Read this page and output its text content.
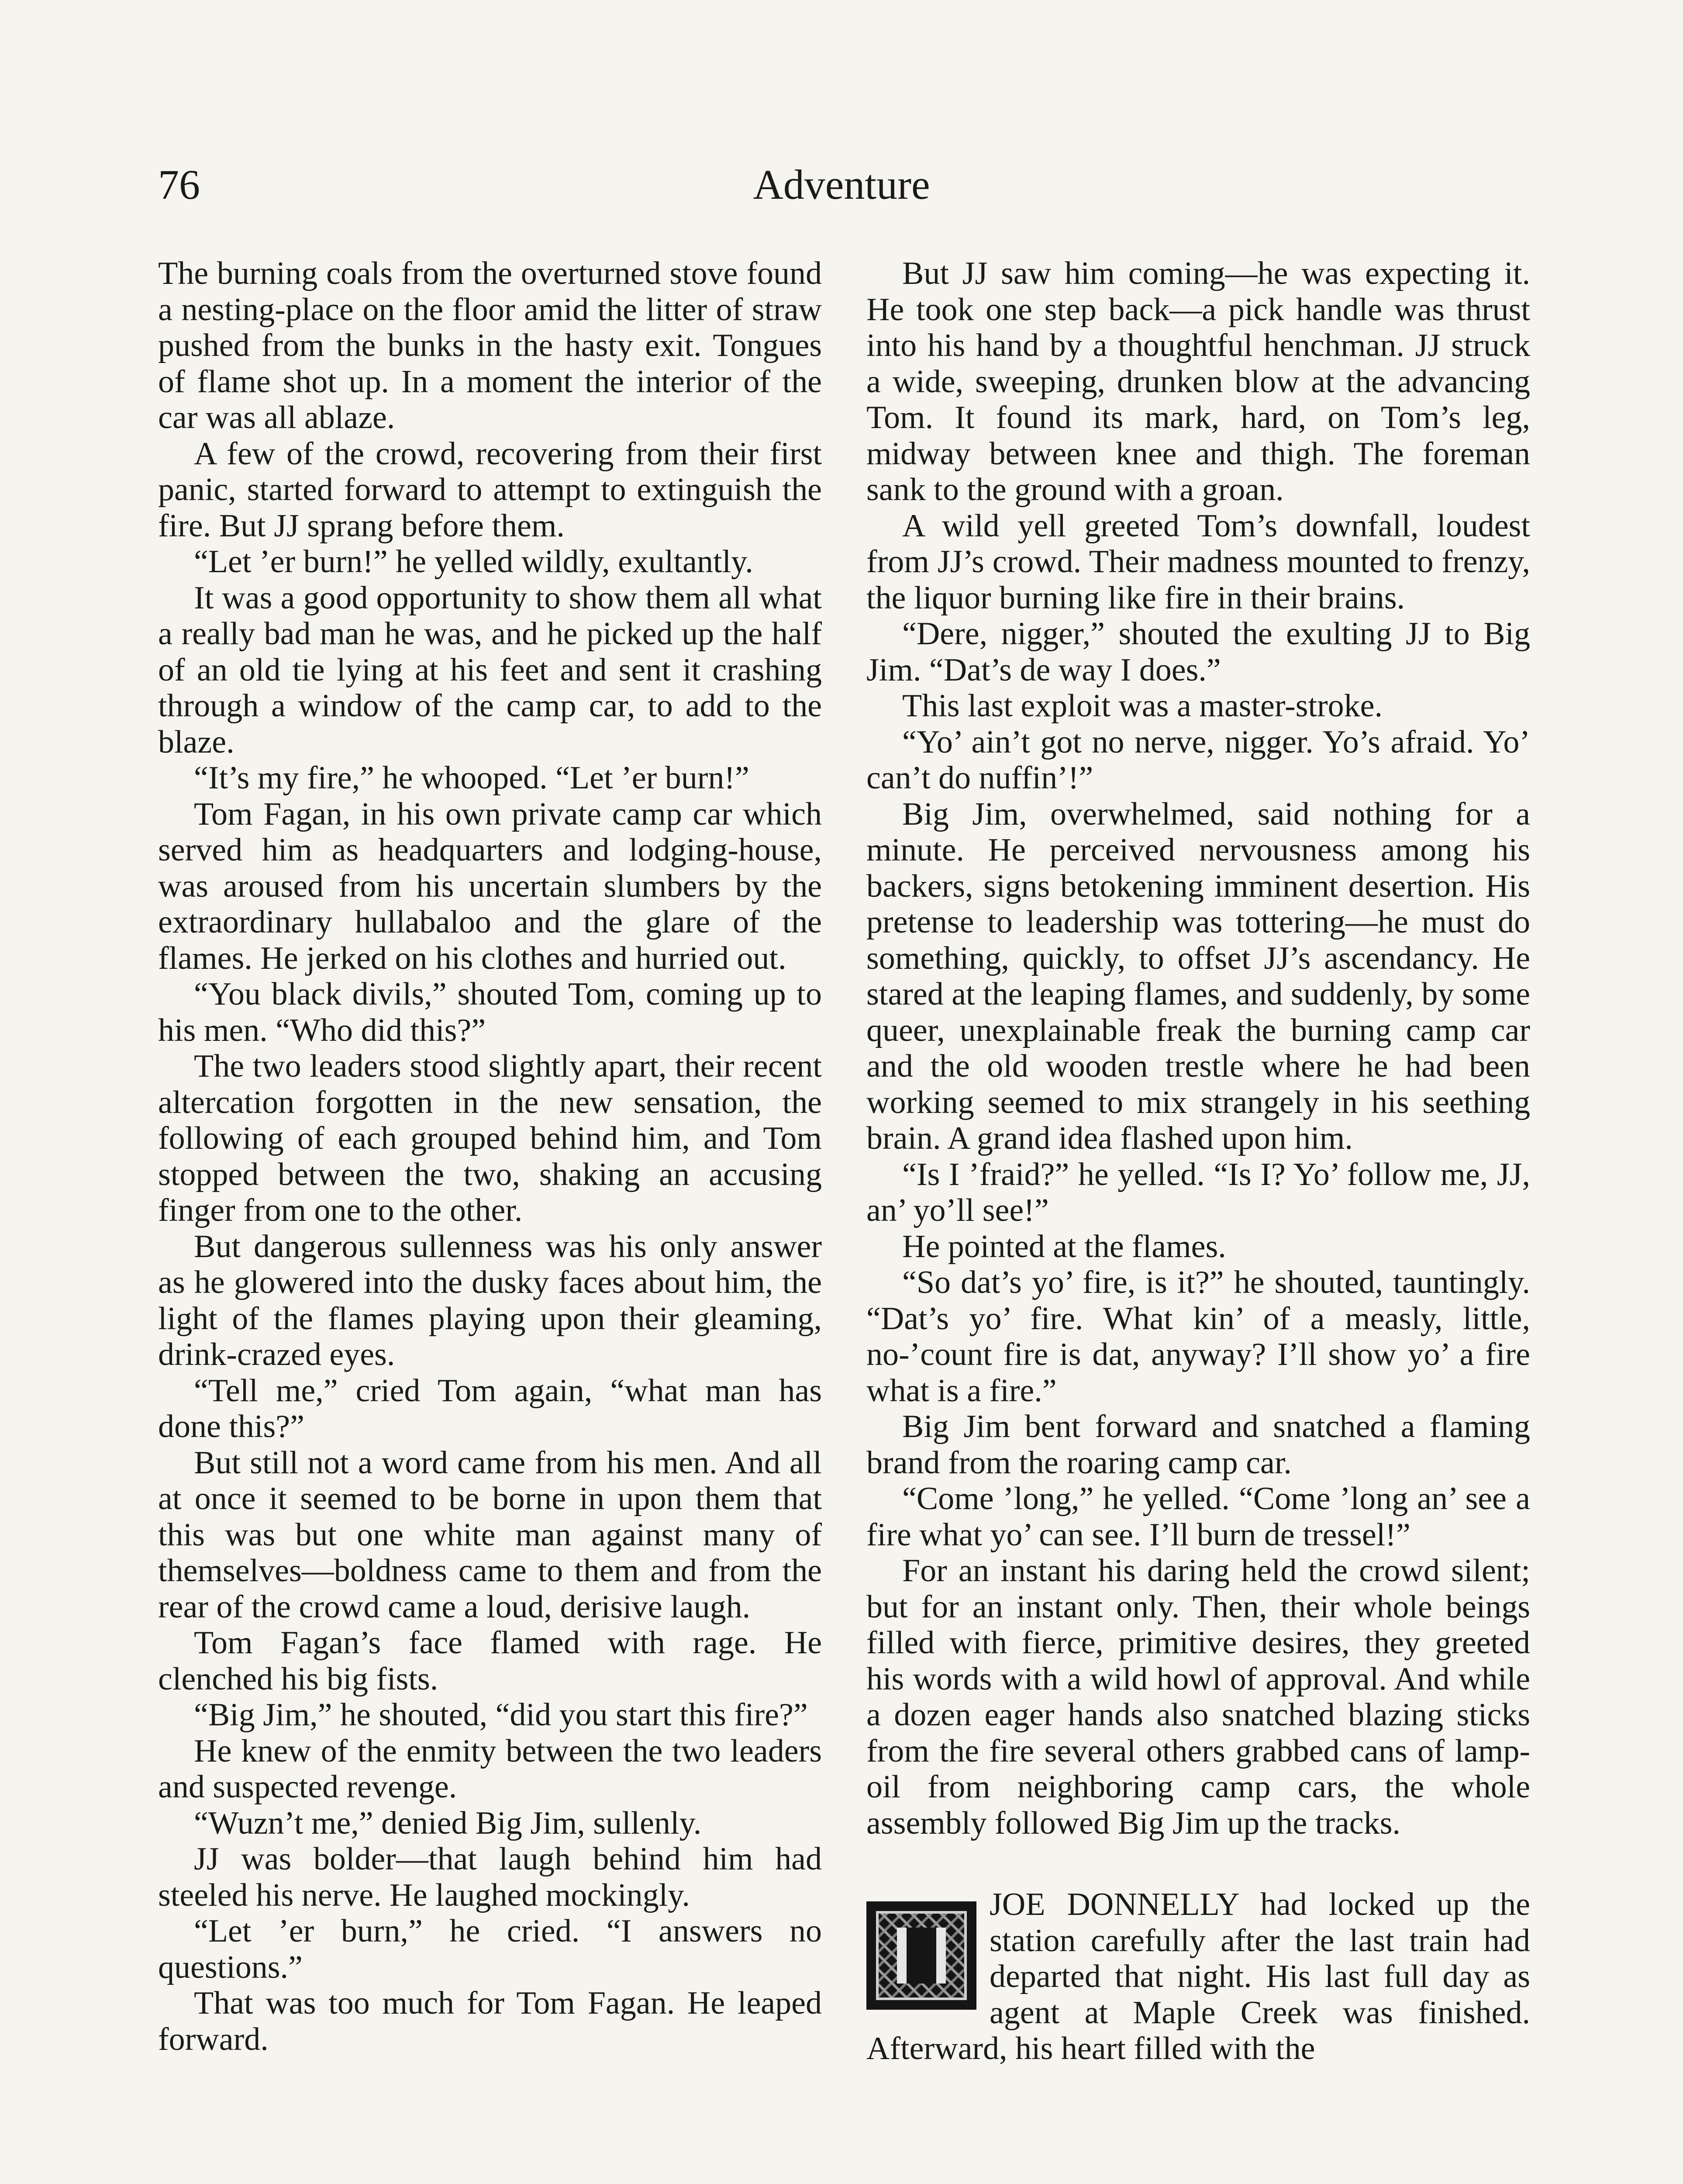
76	Adventure

The burning coals from the overturned stove found a nesting-place on the floor amid the litter of straw pushed from the bunks in the hasty exit. Tongues of flame shot up. In a moment the interior of the car was all ablaze.

A few of the crowd, recovering from their first panic, started forward to attempt to extinguish the fire. But JJ sprang before them.

“Let ’er burn!” he yelled wildly, exultantly.

It was a good opportunity to show them all what a really bad man he was, and he picked up the half of an old tie lying at his feet and sent it crashing through a window of the camp car, to add to the blaze.

“It’s my fire,” he whooped. “Let ’er burn!”

Tom Fagan, in his own private camp car which served him as headquarters and lodging-house, was aroused from his uncertain slumbers by the extraordinary hullabaloo and the glare of the flames. He jerked on his clothes and hurried out.

“You black divils,” shouted Tom, coming up to his men. “Who did this?”

The two leaders stood slightly apart, their recent altercation forgotten in the new sensation, the following of each grouped behind him, and Tom stopped between the two, shaking an accusing finger from one to the other.

But dangerous sullenness was his only answer as he glowered into the dusky faces about him, the light of the flames playing upon their gleaming, drink-crazed eyes.

“Tell me,” cried Tom again, “what man has done this?”

But still not a word came from his men. And all at once it seemed to be borne in upon them that this was but one white man against many of themselves—boldness came to them and from the rear of the crowd came a loud, derisive laugh.

Tom Fagan’s face flamed with rage. He clenched his big fists.

“Big Jim,” he shouted, “did you start this fire?”

He knew of the enmity between the two leaders and suspected revenge.

“Wuzn’t me,” denied Big Jim, sullenly.

JJ was bolder—that laugh behind him had steeled his nerve. He laughed mockingly.

“Let ’er burn,” he cried. “I answers no questions.”

That was too much for Tom Fagan. He leaped forward.

But JJ saw him coming—he was expecting it. He took one step back—a pick handle was thrust into his hand by a thoughtful henchman. JJ struck a wide, sweeping, drunken blow at the advancing Tom. It found its mark, hard, on Tom’s leg, midway between knee and thigh. The foreman sank to the ground with a groan.

A wild yell greeted Tom’s downfall, loudest from JJ’s crowd. Their madness mounted to frenzy, the liquor burning like fire in their brains.

“Dere, nigger,” shouted the exulting JJ to Big Jim. “Dat’s de way I does.”

This last exploit was a master-stroke.

“Yo’ ain’t got no nerve, nigger. Yo’s afraid. Yo’ can’t do nuffin’!”

Big Jim, overwhelmed, said nothing for a minute. He perceived nervousness among his backers, signs betokening imminent desertion. His pretense to leadership was tottering—he must do something, quickly, to offset JJ’s ascendancy. He stared at the leaping flames, and suddenly, by some queer, unexplainable freak the burning camp car and the old wooden trestle where he had been working seemed to mix strangely in his seething brain. A grand idea flashed upon him.

“Is I ’fraid?” he yelled. “Is I? Yo’ follow me, JJ, an’ yo’ll see!”

He pointed at the flames.

“So dat’s yo’ fire, is it?” he shouted, tauntingly. “Dat’s yo’ fire. What kin’ of a measly, little, no-’count fire is dat, anyway? I’ll show yo’ a fire what is a fire.”

Big Jim bent forward and snatched a flaming brand from the roaring camp car.

“Come ’long,” he yelled. “Come ’long an’ see a fire what yo’ can see. I’ll burn de tressel!”

For an instant his daring held the crowd silent; but for an instant only. Then, their whole beings filled with fierce, primitive desires, they greeted his words with a wild howl of approval. And while a dozen eager hands also snatched blazing sticks from the fire several others grabbed cans of lamp-oil from neighboring camp cars, the whole assembly followed Big Jim up the tracks.

JOE DONNELLY had locked up the station carefully after the last train had departed that night. His last full day as agent at Maple Creek was finished. Afterward, his heart filled with the
